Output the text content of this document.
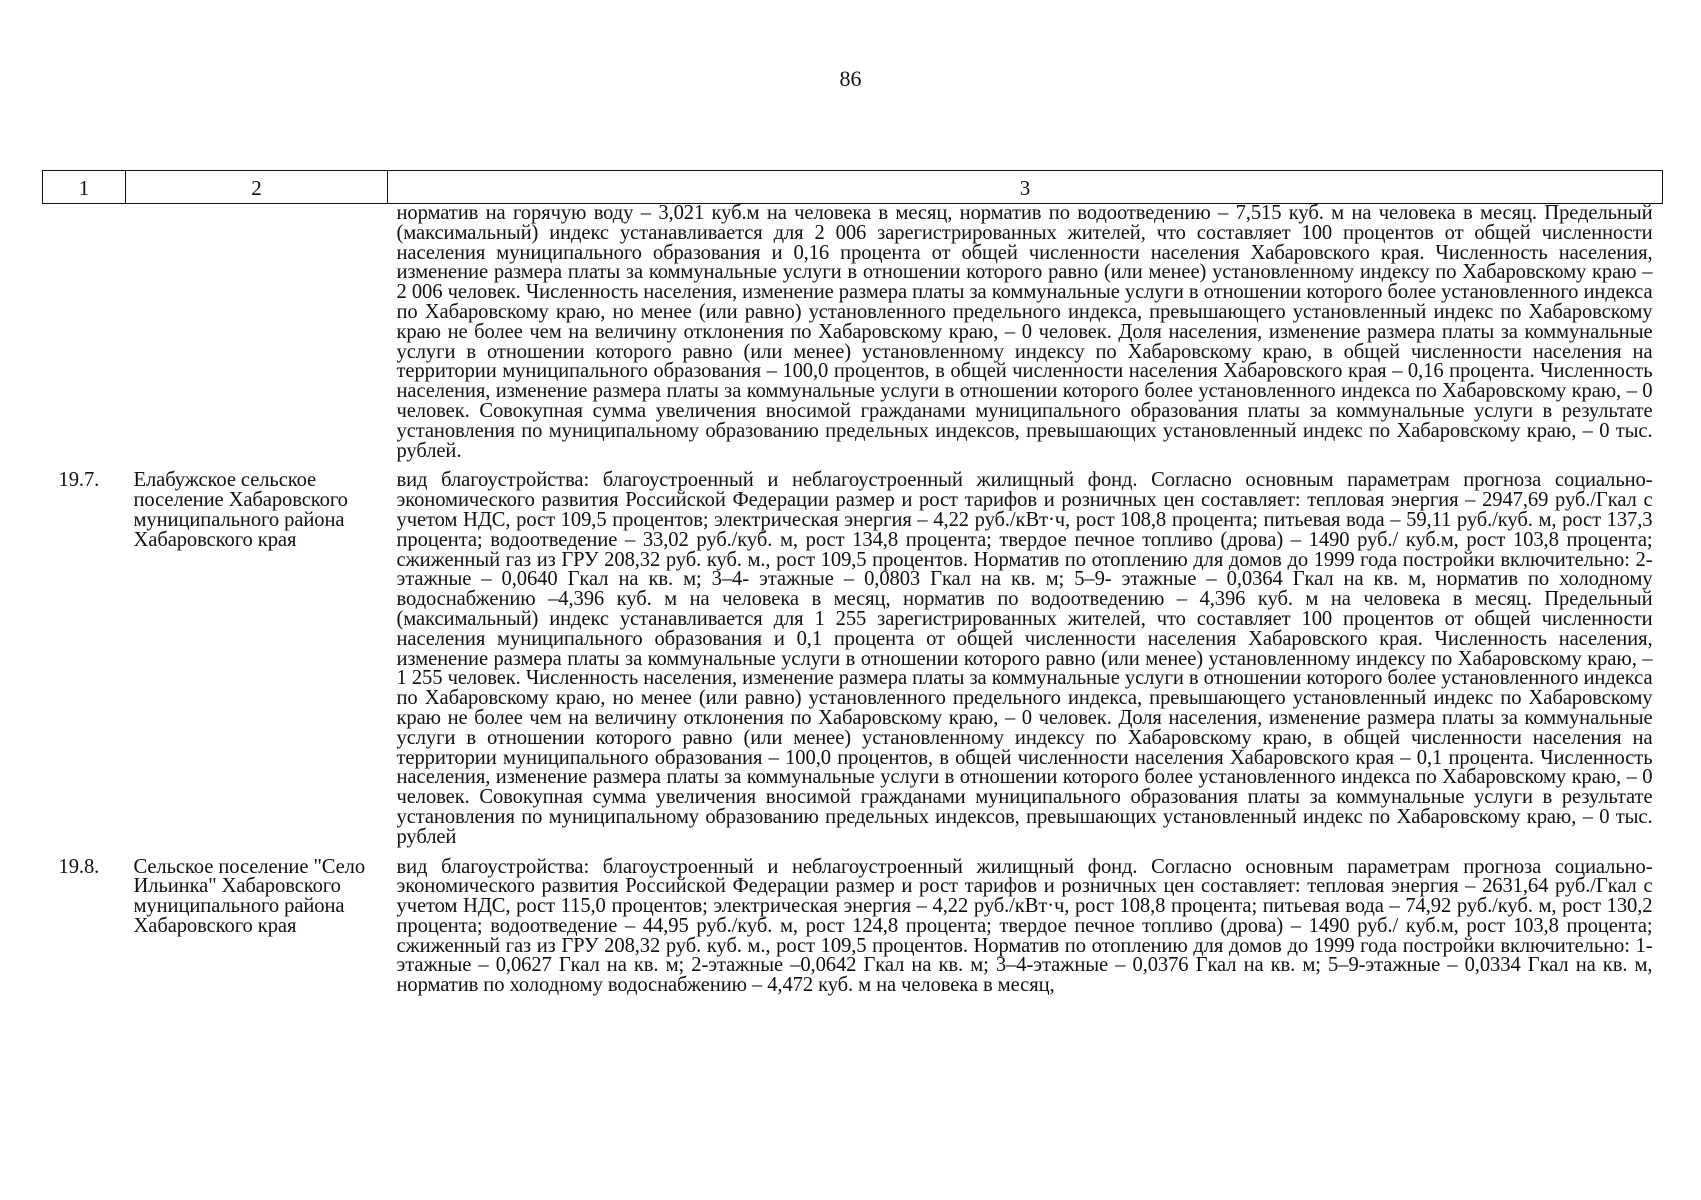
86
1	2	3
		норматив на горячую воду – 3,021 куб.м на человека в месяц, норматив по водоотведению – 7,515 куб. м на человека в месяц. Предельный (максимальный) индекс устанавливается для 2 006 зарегистрированных жителей, что составляет 100 процентов от общей численности населения муниципального образования и 0,16 процента от общей численности населения Хабаровского края. Численность населения, изменение размера платы за коммунальные услуги в отношении которого равно (или менее) установленному индексу по Хабаровскому краю – 2 006 человек. Численность населения, изменение размера платы за коммунальные услуги в отношении которого более установленного индекса по Хабаровскому краю, но менее (или равно) установленного предельного индекса, превышающего установленный индекс по Хабаровскому краю не более чем на величину отклонения по Хабаровскому краю, – 0 человек. Доля населения, изменение размера платы за коммунальные услуги в отношении которого равно (или менее) установленному индексу по Хабаровскому краю, в общей численности населения на территории муниципального образования – 100,0 процентов, в общей численности населения Хабаровского края – 0,16 процента. Численность населения, изменение размера платы за коммунальные услуги в отношении которого более установленного индекса по Хабаровскому краю, – 0 человек. Совокупная сумма увеличения вносимой гражданами муниципального образования платы за коммунальные услуги в результате установления по муниципальному образованию предельных индексов, превышающих установленный индекс по Хабаровскому краю, – 0 тыс. рублей.
19.7.	Елабужское сельское поселение Хабаровского муниципального района Хабаровского края	вид благоустройства: благоустроенный и неблагоустроенный жилищный фонд. Согласно основным параметрам прогноза социально-экономического развития Российской Федерации размер и рост тарифов и розничных цен составляет: тепловая энергия – 2947,69 руб./Гкал с учетом НДС, рост 109,5 процентов; электрическая энергия – 4,22 руб./кВт·ч, рост 108,8 процента; питьевая вода – 59,11 руб./куб. м, рост 137,3 процента; водоотведение – 33,02 руб./куб. м, рост 134,8 процента; твердое печное топливо (дрова) – 1490 руб./ куб.м, рост 103,8 процента; сжиженный газ из ГРУ 208,32 руб. куб. м., рост 109,5 процентов. Норматив по отоплению для домов до 1999 года постройки включительно: 2-этажные – 0,0640 Гкал на кв. м; 3–4- этажные – 0,0803 Гкал на кв. м; 5–9- этажные – 0,0364 Гкал на кв. м, норматив по холодному водоснабжению –4,396 куб. м на человека в месяц, норматив по водоотведению – 4,396 куб. м на человека в месяц. Предельный (максимальный) индекс устанавливается для 1 255 зарегистрированных жителей, что составляет 100 процентов от общей численности населения муниципального образования и 0,1 процента от общей численности населения Хабаровского края. Численность населения, изменение размера платы за коммунальные услуги в отношении которого равно (или менее) установленному индексу по Хабаровскому краю, – 1 255 человек. Численность населения, изменение размера платы за коммунальные услуги в отношении которого более установленного индекса по Хабаровскому краю, но менее (или равно) установленного предельного индекса, превышающего установленный индекс по Хабаровскому краю не более чем на величину отклонения по Хабаровскому краю, – 0 человек. Доля населения, изменение размера платы за коммунальные услуги в отношении которого равно (или менее) установленному индексу по Хабаровскому краю, в общей численности населения на территории муниципального образования – 100,0 процентов, в общей численности населения Хабаровского края – 0,1 процента. Численность населения, изменение размера платы за коммунальные услуги в отношении которого более установленного индекса по Хабаровскому краю, – 0 человек. Совокупная сумма увеличения вносимой гражданами муниципального образования платы за коммунальные услуги в результате установления по муниципальному образованию предельных индексов, превышающих установленный индекс по Хабаровскому краю, – 0 тыс. рублей
19.8.	Сельское поселение "Село Ильинка" Хабаровского муниципального района Хабаровского края	вид благоустройства: благоустроенный и неблагоустроенный жилищный фонд. Согласно основным параметрам прогноза социально-экономического развития Российской Федерации размер и рост тарифов и розничных цен составляет: тепловая энергия – 2631,64 руб./Гкал с учетом НДС, рост 115,0 процентов; электрическая энергия – 4,22 руб./кВт·ч, рост 108,8 процента; питьевая вода – 74,92 руб./куб. м, рост 130,2 процента; водоотведение – 44,95 руб./куб. м, рост 124,8 процента; твердое печное топливо (дрова) – 1490 руб./ куб.м, рост 103,8 процента; сжиженный газ из ГРУ 208,32 руб. куб. м., рост 109,5 процентов. Норматив по отоплению для домов до 1999 года постройки включительно: 1-этажные – 0,0627 Гкал на кв. м; 2-этажные –0,0642 Гкал на кв. м; 3–4-этажные – 0,0376 Гкал на кв. м; 5–9-этажные – 0,0334 Гкал на кв. м, норматив по холодному водоснабжению – 4,472 куб. м на человека в месяц,
